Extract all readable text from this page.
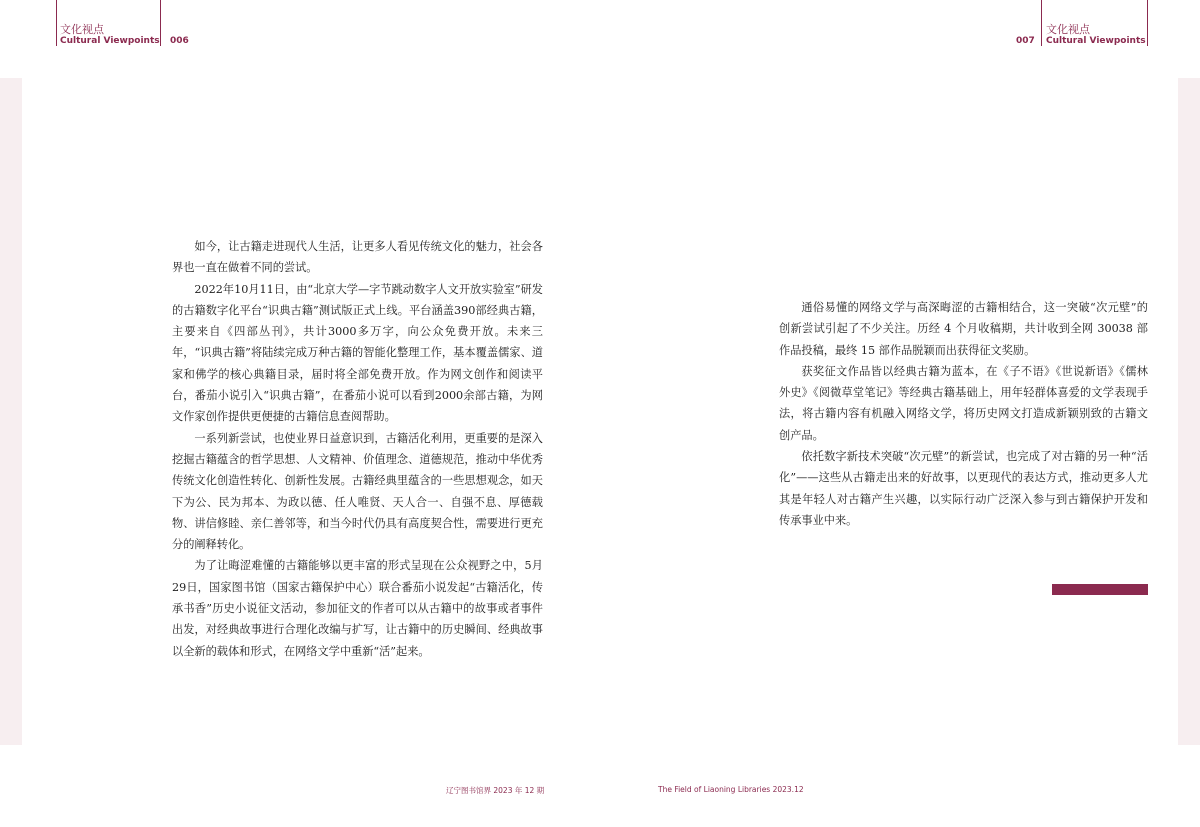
文化视点
Cultural Viewpoints 006	007
文化视点
Cultural Viewpoints

如今，让古籍走进现代人生活，让更多人看见传统文化的魅力，社会各界也一直在做着不同的尝试。

2022年10月11日，由“北京大学—字节跳动数字人文开放实验室”研发的古籍数字化平台“识典古籍”测试版正式上线。平台涵盖390部经典古籍，主要来自《四部丛刊》，共计3000多万字，向公众免费开放。未来三年，“识典古籍”将陆续完成万种古籍的智能化整理工作，基本覆盖儒家、道家和佛学的核心典籍目录，届时将全部免费开放。作为网文创作和阅读平台，番茄小说引入“识典古籍”，在番茄小说可以看到2000余部古籍，为网文作家创作提供更便捷的古籍信息查阅帮助。

一系列新尝试，也使业界日益意识到，古籍活化利用，更重要的是深入挖掘古籍蕴含的哲学思想、人文精神、价值理念、道德规范，推动中华优秀传统文化创造性转化、创新性发展。古籍经典里蕴含的一些思想观念，如天下为公、民为邦本、为政以德、任人唯贤、天人合一、自强不息、厚德载物、讲信修睦、亲仁善邻等，和当今时代仍具有高度契合性，需要进行更充分的阐释转化。

为了让晦涩难懂的古籍能够以更丰富的形式呈现在公众视野之中，5月29日，国家图书馆（国家古籍保护中心）联合番茄小说发起“古籍活化，传承书香”历史小说征文活动，参加征文的作者可以从古籍中的故事或者事件出发，对经典故事进行合理化改编与扩写，让古籍中的历史瞬间、经典故事以全新的载体和形式，在网络文学中重新“活”起来。

通俗易懂的网络文学与高深晦涩的古籍相结合，这一突破“次元壁”的创新尝试引起了不少关注。历经 4 个月收稿期，共计收到全网 30038 部作品投稿，最终 15 部作品脱颖而出获得征文奖励。

获奖征文作品皆以经典古籍为蓝本，在《子不语》《世说新语》《儒林外史》《阅微草堂笔记》等经典古籍基础上，用年轻群体喜爱的文学表现手法，将古籍内容有机融入网络文学，将历史网文打造成新颖别致的古籍文创产品。

依托数字新技术突破“次元壁”的新尝试，也完成了对古籍的另一种“活化”——这些从古籍走出来的好故事，以更现代的表达方式，推动更多人尤其是年轻人对古籍产生兴趣，以实际行动广泛深入参与到古籍保护开发和传承事业中来。

辽宁图书馆界 2023 年 12 期	The Field of Liaoning Libraries 2023.12
